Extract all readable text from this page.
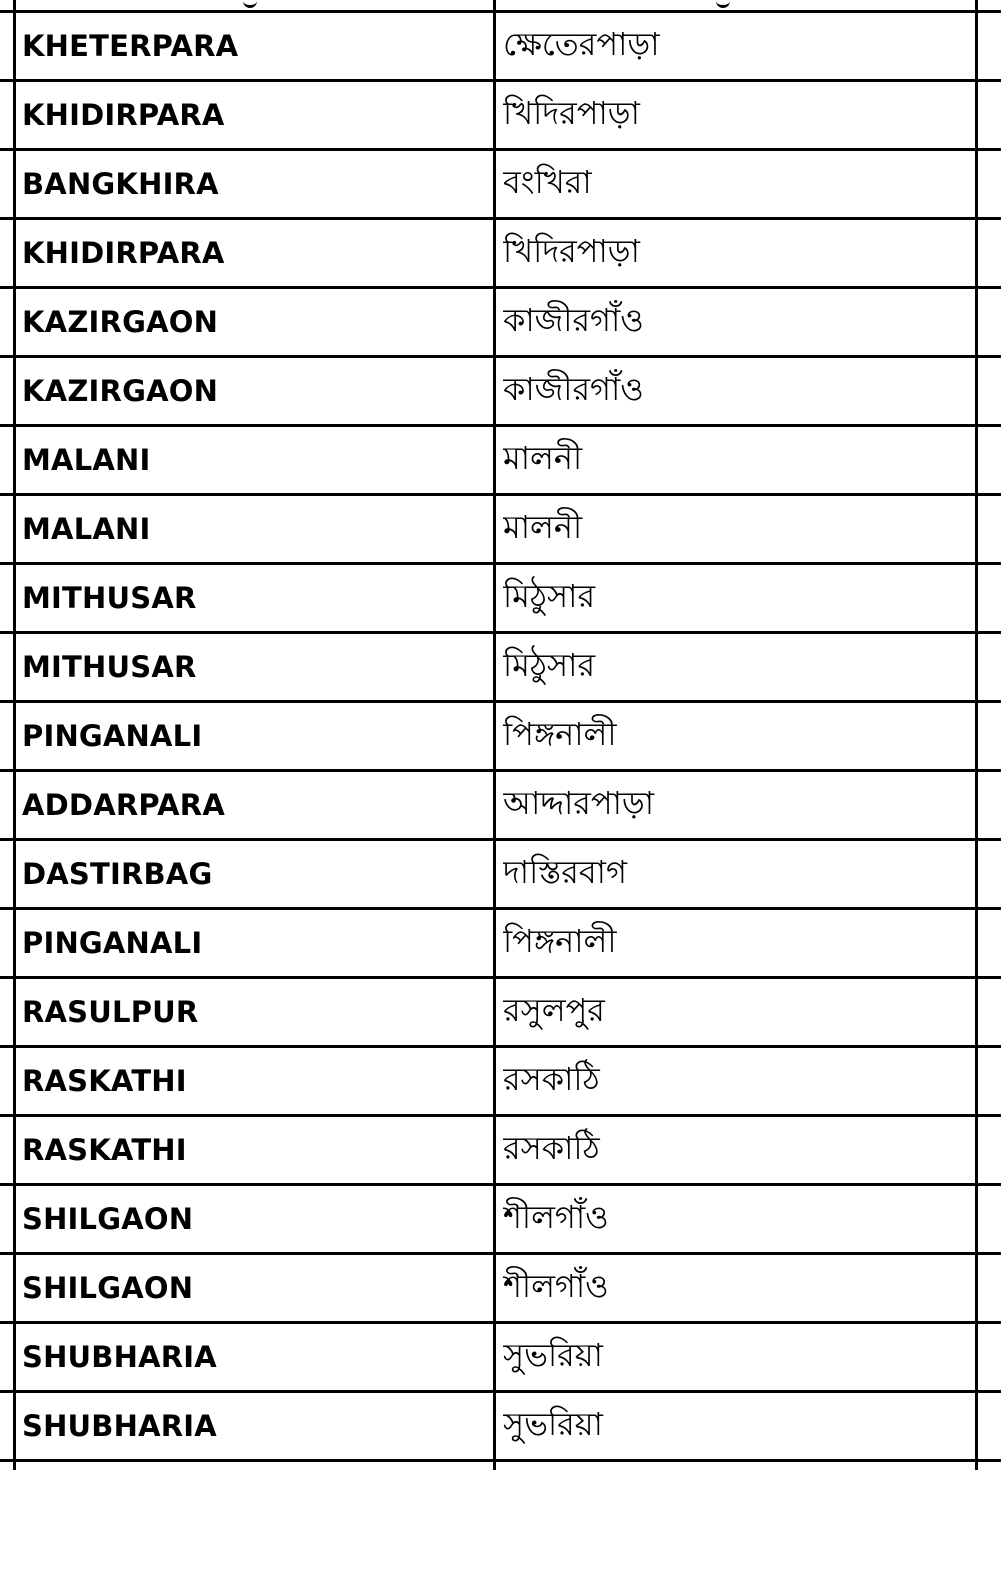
KHETERPARA	ক্ষেতেরপাড়া
KHIDIRPARA	খিদিরপাড়া
BANGKHIRA	বংখিরা
KHIDIRPARA	খিদিরপাড়া
KAZIRGAON	কাজীরগাঁও
KAZIRGAON	কাজীরগাঁও
MALANI	মালনী
MALANI	মালনী
MITHUSAR	মিঠুসার
MITHUSAR	মিঠুসার
PINGANALI	পিঙ্গনালী
ADDARPARA	আদ্দারপাড়া
DASTIRBAG	দাস্তিরবাগ
PINGANALI	পিঙ্গনালী
RASULPUR	রসুলপুর
RASKATHI	রসকাঠি
RASKATHI	রসকাঠি
SHILGAON	শীলগাঁও
SHILGAON	শীলগাঁও
SHUBHARIA	সুভরিয়া
SHUBHARIA	সুভরিয়া
